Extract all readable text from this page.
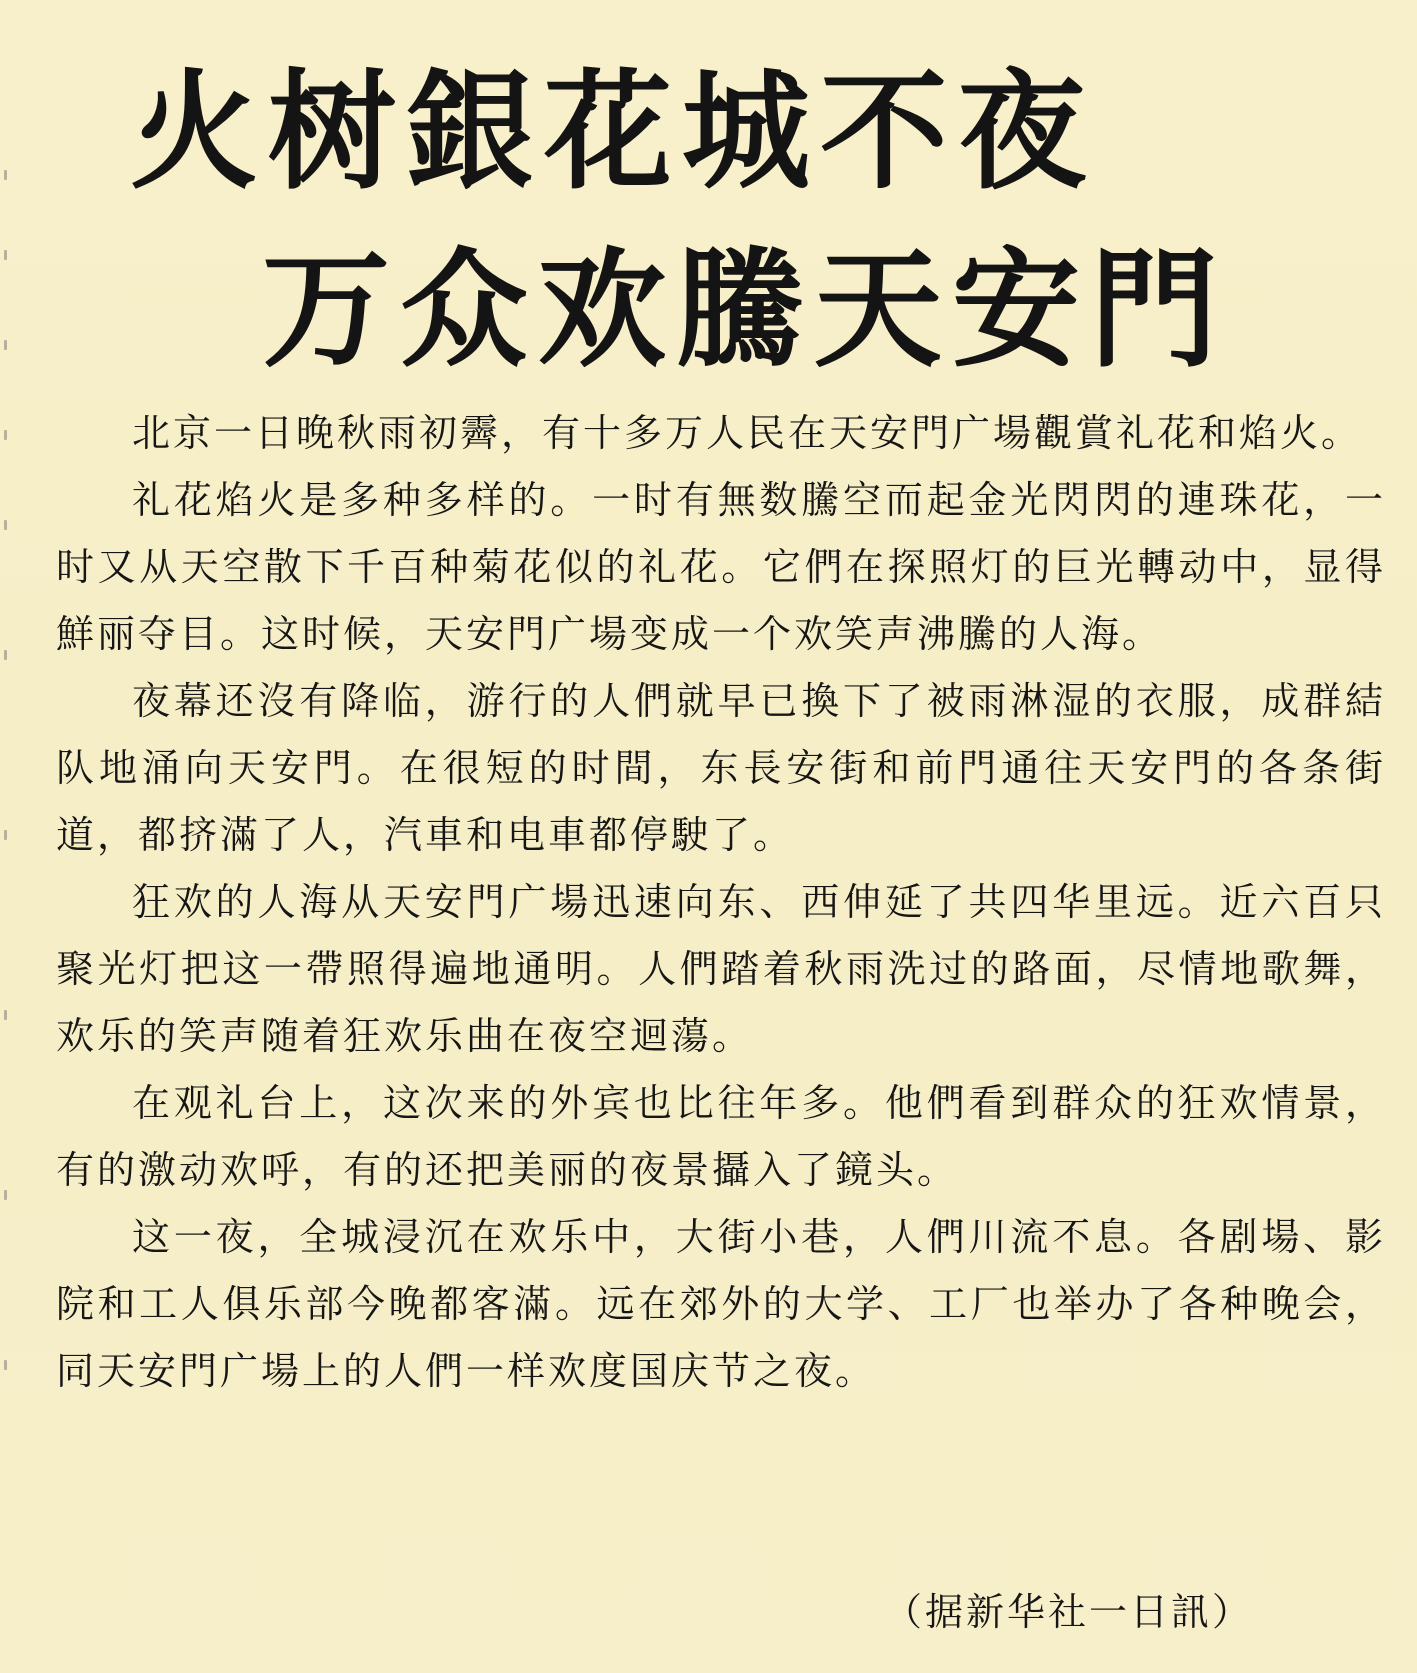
火树銀花城不夜
万众欢騰天安門

北京一日晚秋雨初霽，有十多万人民在天安門广場觀賞礼花和焰火。

礼花焰火是多种多样的。一时有無数騰空而起金光閃閃的連珠花，一时又从天空散下千百种菊花似的礼花。它們在探照灯的巨光轉动中，显得鮮丽夺目。这时候，天安門广場变成一个欢笑声沸騰的人海。

夜幕还沒有降临，游行的人們就早已換下了被雨淋湿的衣服，成群結队地涌向天安門。在很短的时間，东長安街和前門通往天安門的各条街道，都挤滿了人，汽車和电車都停駛了。

狂欢的人海从天安門广場迅速向东、西伸延了共四华里远。近六百只聚光灯把这一帶照得遍地通明。人們踏着秋雨洗过的路面，尽情地歌舞，欢乐的笑声随着狂欢乐曲在夜空迴蕩。

在观礼台上，这次来的外宾也比往年多。他們看到群众的狂欢情景，有的激动欢呼，有的还把美丽的夜景攝入了鏡头。

这一夜，全城浸沉在欢乐中，大街小巷，人們川流不息。各剧場、影院和工人俱乐部今晚都客滿。远在郊外的大学、工厂也举办了各种晚会，同天安門广場上的人們一样欢度国庆节之夜。

（据新华社一日訊）
